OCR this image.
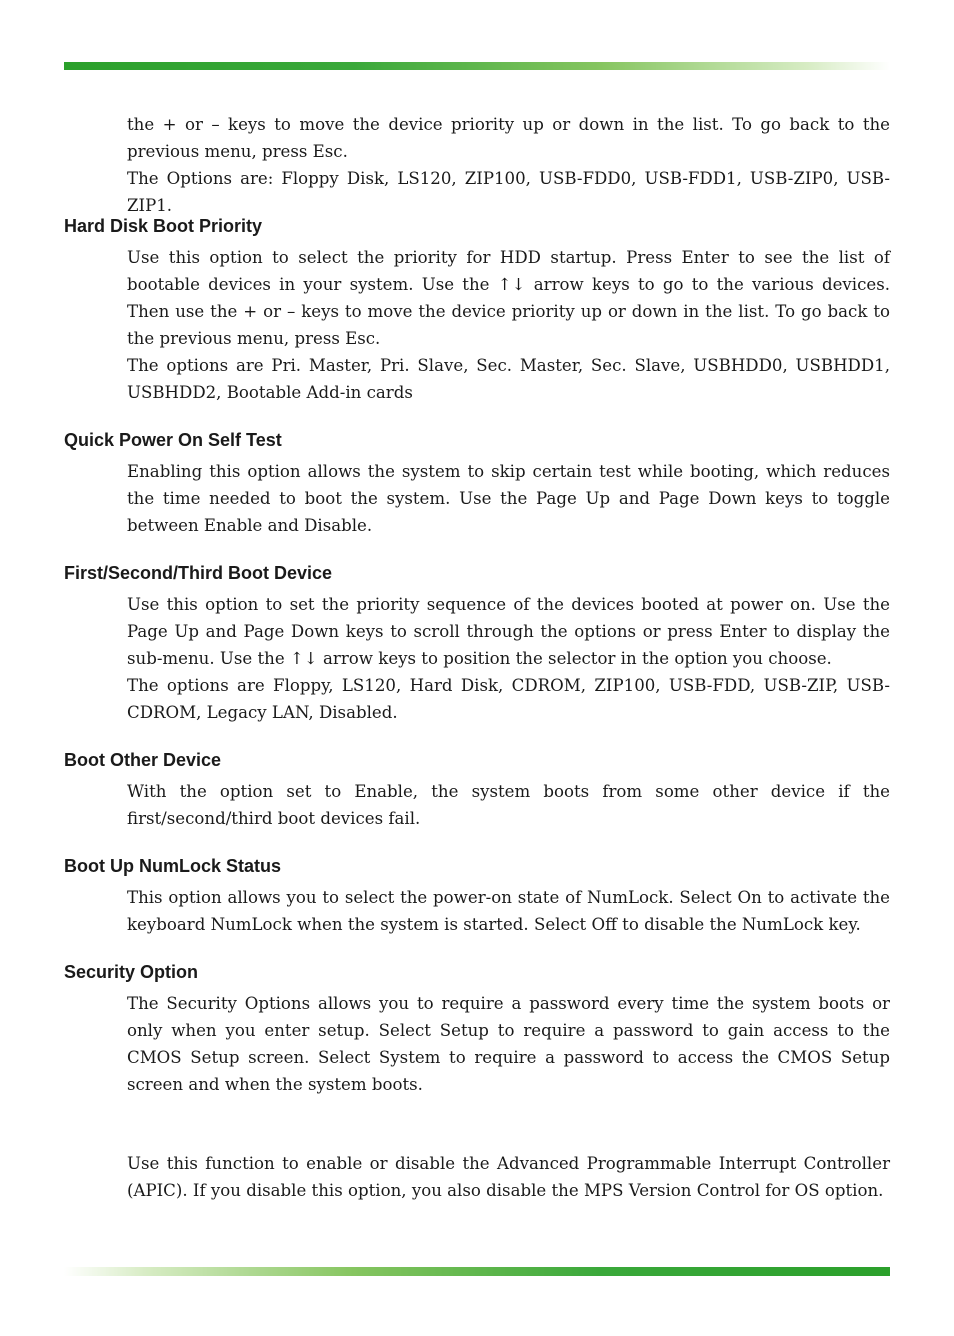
the + or – keys to move the device priority up or down in the list. To go back to the previous menu, press Esc.

The Options are: Floppy Disk, LS120, ZIP100, USB-FDD0, USB-FDD1, USB-ZIP0, USB-ZIP1.

Hard Disk Boot Priority

Use this option to select the priority for HDD startup. Press Enter to see the list of bootable devices in your system. Use the ↑↓ arrow keys to go to the various devices. Then use the + or – keys to move the device priority up or down in the list. To go back to the previous menu, press Esc.

The options are Pri. Master, Pri. Slave, Sec. Master, Sec. Slave, USBHDD0, USBHDD1, USBHDD2, Bootable Add-in cards

Quick Power On Self Test

Enabling this option allows the system to skip certain test while booting, which reduces the time needed to boot the system. Use the Page Up and Page Down keys to toggle between Enable and Disable.

First/Second/Third Boot Device

Use this option to set the priority sequence of the devices booted at power on. Use the Page Up and Page Down keys to scroll through the options or press Enter to display the sub-menu. Use the ↑↓ arrow keys to position the selector in the option you choose.

The options are Floppy, LS120, Hard Disk, CDROM, ZIP100, USB-FDD, USB-ZIP, USB-CDROM, Legacy LAN, Disabled.

Boot Other Device

With the option set to Enable, the system boots from some other device if the first/second/third boot devices fail.

Boot Up NumLock Status

This option allows you to select the power-on state of NumLock. Select On to activate the keyboard NumLock when the system is started. Select Off to disable the NumLock key.

Security Option

The Security Options allows you to require a password every time the system boots or only when you enter setup. Select Setup to require a password to gain access to the CMOS Setup screen. Select System to require a password to access the CMOS Setup screen and when the system boots.

Use this function to enable or disable the Advanced Programmable Interrupt Controller (APIC). If you disable this option, you also disable the MPS Version Control for OS option.
